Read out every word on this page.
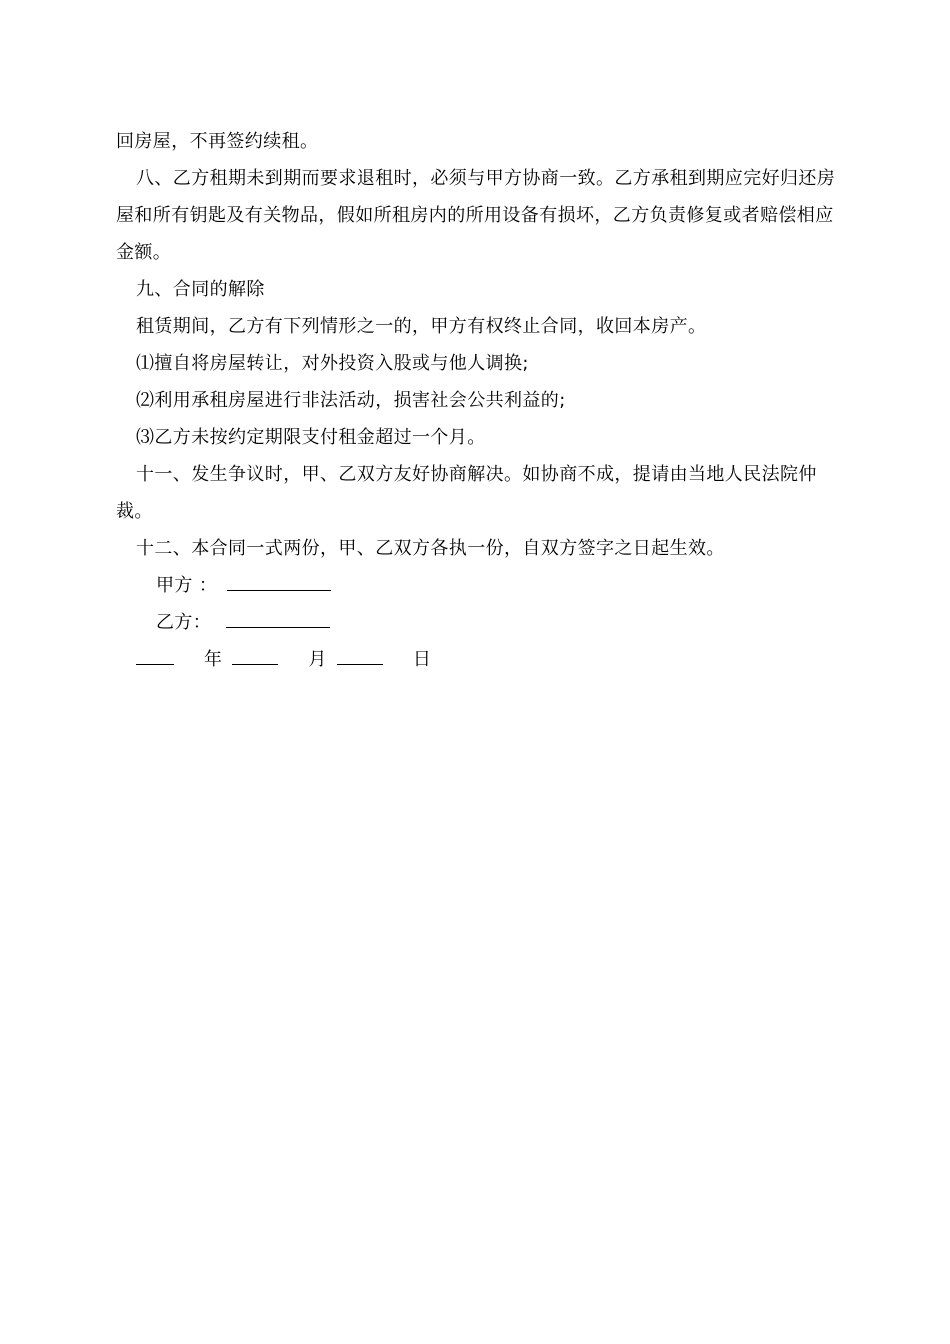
回房屋，不再签约续租。

八、乙方租期未到期而要求退租时，必须与甲方协商一致。乙方承租到期应完好归还房屋和所有钥匙及有关物品，假如所租房内的所用设备有损坏，乙方负责修复或者赔偿相应金额。

九、合同的解除

租赁期间，乙方有下列情形之一的，甲方有权终止合同，收回本房产。

⑴擅自将房屋转让，对外投资入股或与他人调换;

⑵利用承租房屋进行非法活动，损害社会公共利益的;

⑶乙方未按约定期限支付租金超过一个月。

十一、发生争议时，甲、乙双方友好协商解决。如协商不成，提请由当地人民法院仲裁。

十二、本合同一式两份，甲、乙双方各执一份，自双方签字之日起生效。

甲方 ：
乙方：
年	月	日
